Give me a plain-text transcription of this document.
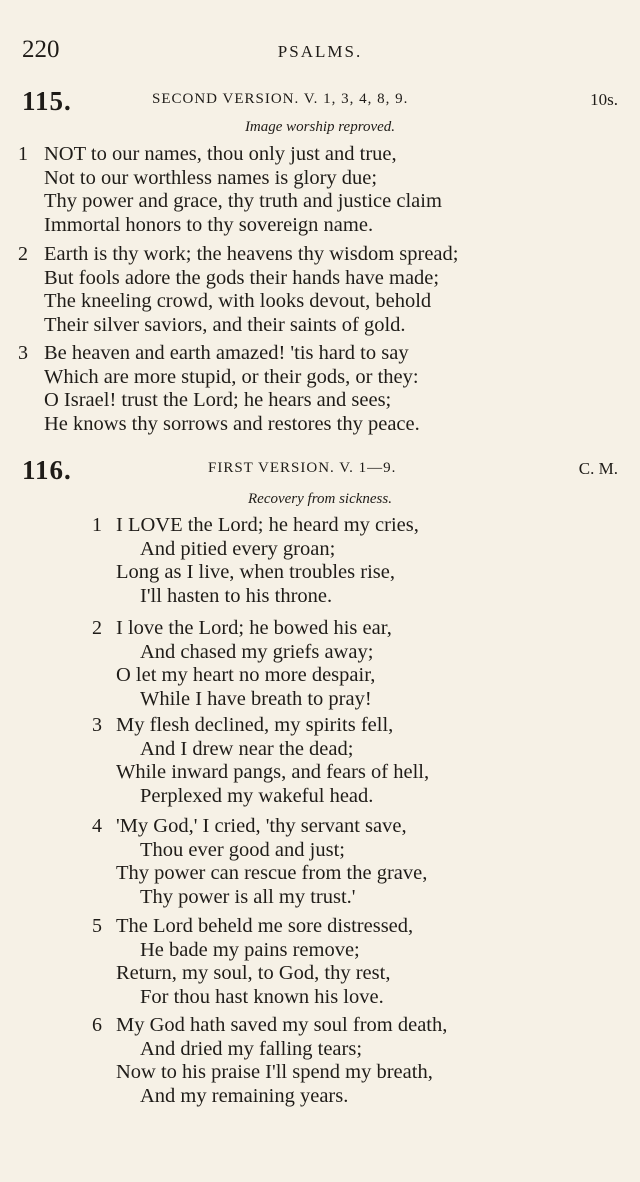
220	PSALMS.
115.	SECOND VERSION. V. 1, 3, 4, 8, 9.	10s.
Image worship reproved.
1 NOT to our names, thou only just and true,
Not to our worthless names is glory due;
Thy power and grace, thy truth and justice claim
Immortal honors to thy sovereign name.
2 Earth is thy work; the heavens thy wisdom spread;
But fools adore the gods their hands have made;
The kneeling crowd, with looks devout, behold
Their silver saviors, and their saints of gold.
3 Be heaven and earth amazed! 'tis hard to say
Which are more stupid, or their gods, or they:
O Israel! trust the Lord; he hears and sees;
He knows thy sorrows and restores thy peace.
116.	FIRST VERSION. V. 1—9.	C. M.
Recovery from sickness.
1 I LOVE the Lord; he heard my cries,
And pitied every groan;
Long as I live, when troubles rise,
I'll hasten to his throne.
2 I love the Lord; he bowed his ear,
And chased my griefs away;
O let my heart no more despair,
While I have breath to pray!
3 My flesh declined, my spirits fell,
And I drew near the dead;
While inward pangs, and fears of hell,
Perplexed my wakeful head.
4 'My God,' I cried, 'thy servant save,
Thou ever good and just;
Thy power can rescue from the grave,
Thy power is all my trust.'
5 The Lord beheld me sore distressed,
He bade my pains remove;
Return, my soul, to God, thy rest,
For thou hast known his love.
6 My God hath saved my soul from death,
And dried my falling tears;
Now to his praise I'll spend my breath,
And my remaining years.
